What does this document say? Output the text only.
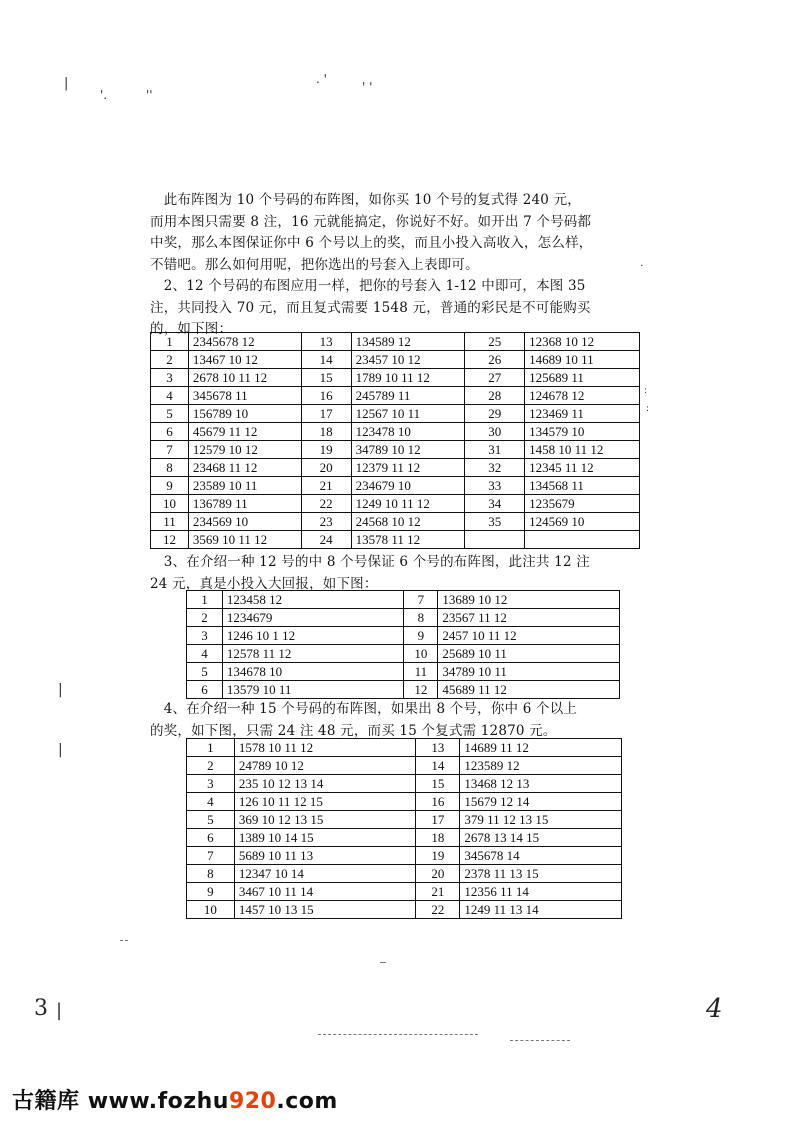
'.	''
. '
' '
|

　此布阵图为 10 个号码的布阵图，如你买 10 个号的复式得 240 元，

而用本图只需要 8 注，16 元就能搞定，你说好不好。如开出 7 个号码都

中奖，那么本图保证你中 6 个号以上的奖，而且小投入高收入，怎么样，

不错吧。那么如何用呢，把你选出的号套入上表即可。

　2、12 个号码的布图应用一样，把你的号套入 1-12 中即可，本图 35

注，共同投入 70 元，而且复式需要 1548 元，普通的彩民是不可能购买

的，如下图：

1	2345678 12	13	134589 12	25	12368 10 12
2	13467 10 12	14	23457 10 12	26	14689 10 11
3	2678 10 11 12	15	1789 10 11 12	27	125689 11
4	345678 11	16	245789 11	28	124678 12
5	156789 10	17	12567 10 11	29	123469 11
6	45679 11 12	18	123478 10	30	134579 10
7	12579 10 12	19	34789 10 12	31	1458 10 11 12
8	23468 11 12	20	12379 11 12	32	12345 11 12
9	23589 10 11	21	234679 10	33	134568 11
10	136789 11	22	1249 10 11 12	34	1235679
11	234569 10	23	24568 10 12	35	124569 10
12	3569 10 11 12	24	13578 11 12		

　3、在介绍一种 12 号的中 8 个号保证 6 个号的布阵图，此注共 12 注

24 元，真是小投入大回报，如下图：

1	123458 12	7	13689 10 12
2	1234679	8	23567 11 12
3	1246 10 1 12	9	2457 10 11 12
4	12578 11 12	10	25689 10 11
5	134678 10	11	34789 10 11
6	13579 10 11	12	45689 11 12

　4、在介绍一种 15 个号码的布阵图，如果出 8 个号，你中 6 个以上

的奖，如下图，只需 24 注 48 元，而买 15 个复式需 12870 元。

1	1578 10 11 12	13	14689 11 12
2	24789 10 12	14	123589 12
3	235 10 12 13 14	15	13468 12 13
4	126 10 11 12 15	16	15679 12 14
5	369 10 12 13 15	17	379 11 12 13 15
6	1389 10 14 15	18	2678 13 14 15
7	5689 10 11 13	19	345678 14
8	12347 10 14	20	2378 11 13 15
9	3467 10 11 14	21	12356 11 14
10	1457 10 13 15	22	1249 11 13 14
|
|
.
:
:
3 |	4
古籍库 www.fozhu920.com
